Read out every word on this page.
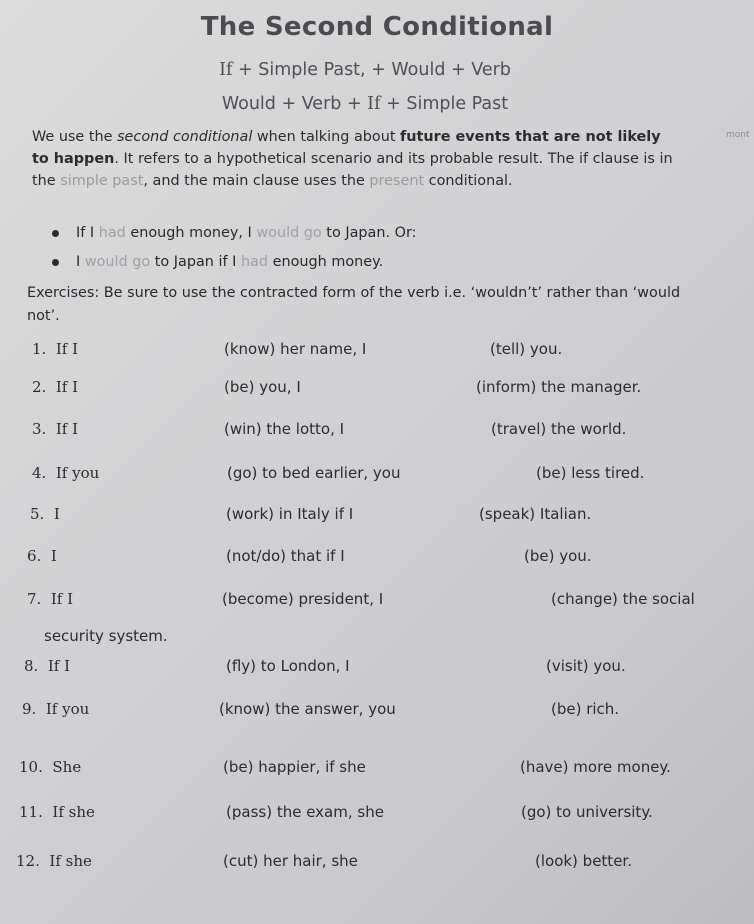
The Second Conditional
If + Simple Past, + Would + Verb
Would + Verb + If + Simple Past
mont
We use the second conditional when talking about future events that are not likely to happen. It refers to a hypothetical scenario and its probable result. The if clause is in the simple past, and the main clause uses the present conditional.
If I had enough money, I would go to Japan. Or:
I would go to Japan if I had enough money.
Exercises: Be sure to use the contracted form of the verb i.e. ‘wouldn’t’ rather than ‘would not’.
1. If I	(know) her name, I	(tell) you.
2. If I	(be) you, I	(inform) the manager.
3. If I	(win) the lotto, I	(travel) the world.
4. If you	(go) to bed earlier, you	(be) less tired.
5. I	(work) in Italy if I	(speak) Italian.
6. I	(not/do) that if I	(be) you.
7. If I	(become) president, I	(change) the social
8. If I	(fly) to London, I	(visit) you.
9. If you	(know) the answer, you	(be) rich.
10. She	(be) happier, if she	(have) more money.
11. If she	(pass) the exam, she	(go) to university.
12. If she	(cut) her hair, she	(look) better.
security system.
